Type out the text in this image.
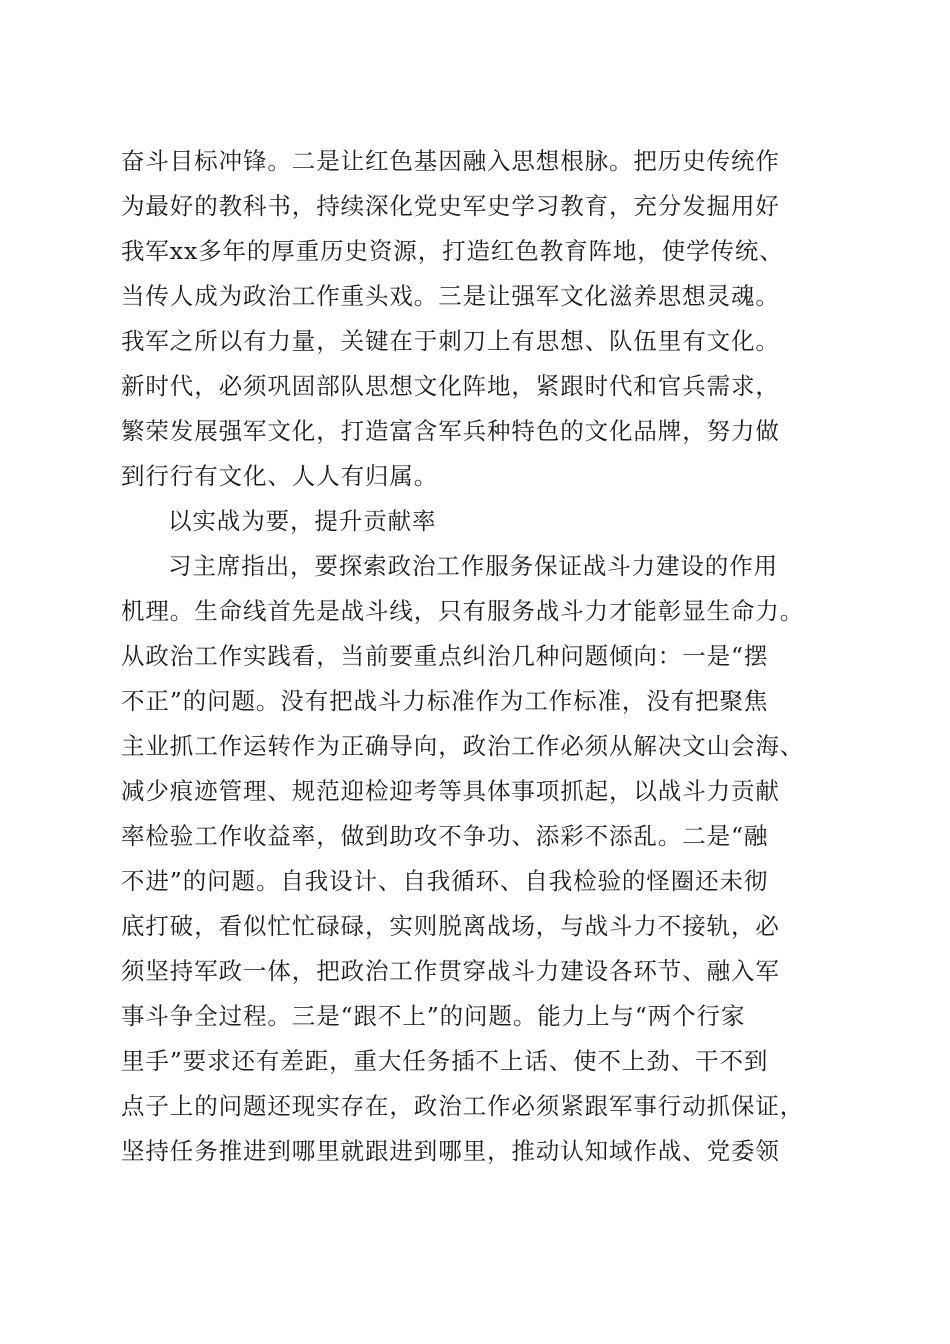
奋斗目标冲锋。二是让红色基因融入思想根脉。把历史传统作
为最好的教科书，持续深化党史军史学习教育，充分发掘用好
我军xx多年的厚重历史资源，打造红色教育阵地，使学传统、
当传人成为政治工作重头戏。三是让强军文化滋养思想灵魂。
我军之所以有力量，关键在于刺刀上有思想、队伍里有文化。
新时代，必须巩固部队思想文化阵地，紧跟时代和官兵需求，
繁荣发展强军文化，打造富含军兵种特色的文化品牌，努力做
到行行有文化、人人有归属。
以实战为要，提升贡献率
习主席指出，要探索政治工作服务保证战斗力建设的作用
机理。生命线首先是战斗线，只有服务战斗力才能彰显生命力。
从政治工作实践看，当前要重点纠治几种问题倾向：一是“摆
不正”的问题。没有把战斗力标准作为工作标准，没有把聚焦
主业抓工作运转作为正确导向，政治工作必须从解决文山会海、
减少痕迹管理、规范迎检迎考等具体事项抓起，以战斗力贡献
率检验工作收益率，做到助攻不争功、添彩不添乱。二是“融
不进”的问题。自我设计、自我循环、自我检验的怪圈还未彻
底打破，看似忙忙碌碌，实则脱离战场，与战斗力不接轨，必
须坚持军政一体，把政治工作贯穿战斗力建设各环节、融入军
事斗争全过程。三是“跟不上”的问题。能力上与“两个行家
里手”要求还有差距，重大任务插不上话、使不上劲、干不到
点子上的问题还现实存在，政治工作必须紧跟军事行动抓保证，
坚持任务推进到哪里就跟进到哪里，推动认知域作战、党委领
